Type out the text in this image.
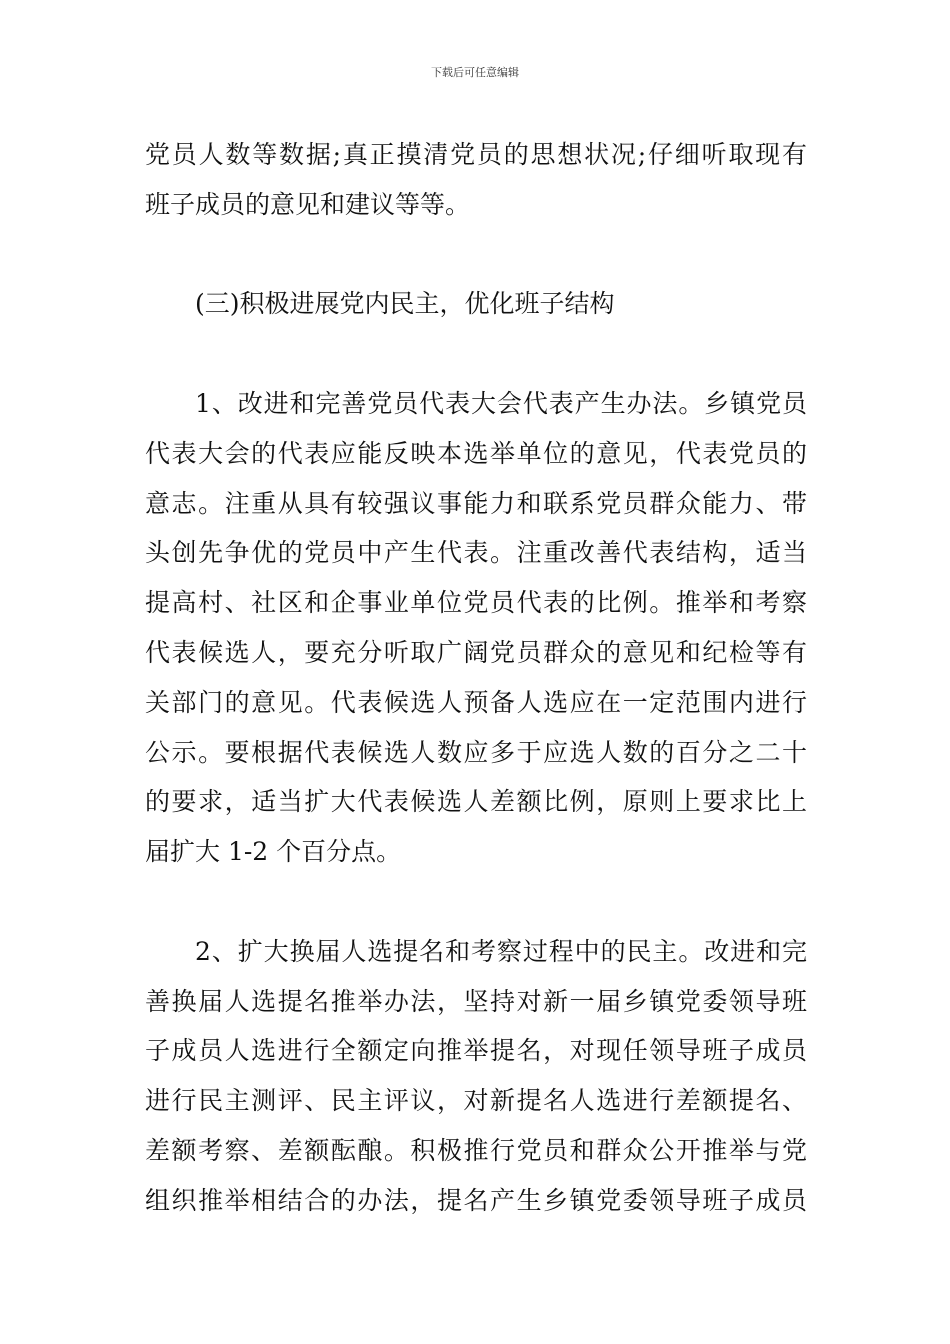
下载后可任意编辑

党员人数等数据;真正摸清党员的思想状况;仔细听取现有
班子成员的意见和建议等等。

(三)积极进展党内民主，优化班子结构

1、改进和完善党员代表大会代表产生办法。乡镇党员
代表大会的代表应能反映本选举单位的意见，代表党员的
意志。注重从具有较强议事能力和联系党员群众能力、带
头创先争优的党员中产生代表。注重改善代表结构，适当
提高村、社区和企事业单位党员代表的比例。推举和考察
代表候选人，要充分听取广阔党员群众的意见和纪检等有
关部门的意见。代表候选人预备人选应在一定范围内进行
公示。要根据代表候选人数应多于应选人数的百分之二十
的要求，适当扩大代表候选人差额比例，原则上要求比上
届扩大 1-2 个百分点。

2、扩大换届人选提名和考察过程中的民主。改进和完
善换届人选提名推举办法，坚持对新一届乡镇党委领导班
子成员人选进行全额定向推举提名，对现任领导班子成员
进行民主测评、民主评议，对新提名人选进行差额提名、
差额考察、差额酝酿。积极推行党员和群众公开推举与党
组织推举相结合的办法，提名产生乡镇党委领导班子成员
